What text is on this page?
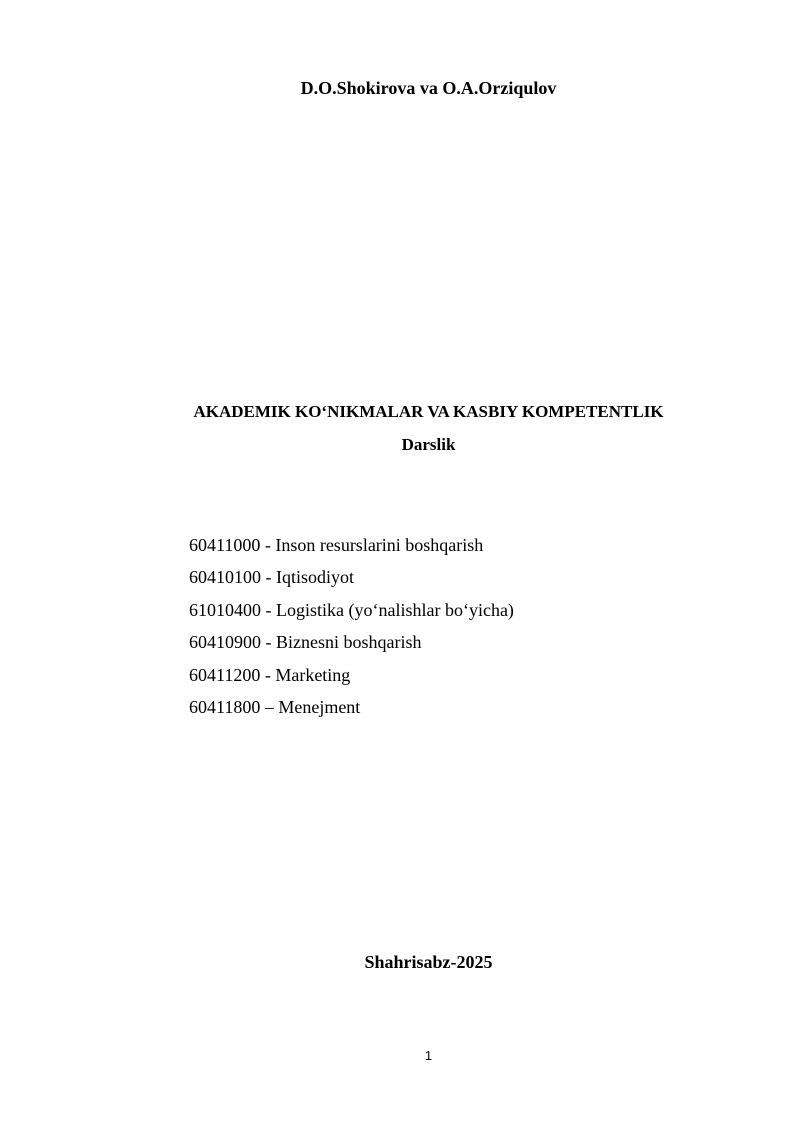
D.O.Shokirova va O.A.Orziqulov
AKADEMIK KO‘NIKMALAR VA KASBIY KOMPETENTLIK
Darslik
60411000 - Inson resurslarini boshqarish
60410100 - Iqtisodiyot
61010400 - Logistika (yo‘nalishlar bo‘yicha)
60410900 - Biznesni boshqarish
60411200 - Marketing
60411800 – Menejment
Shahrisabz-2025
1
